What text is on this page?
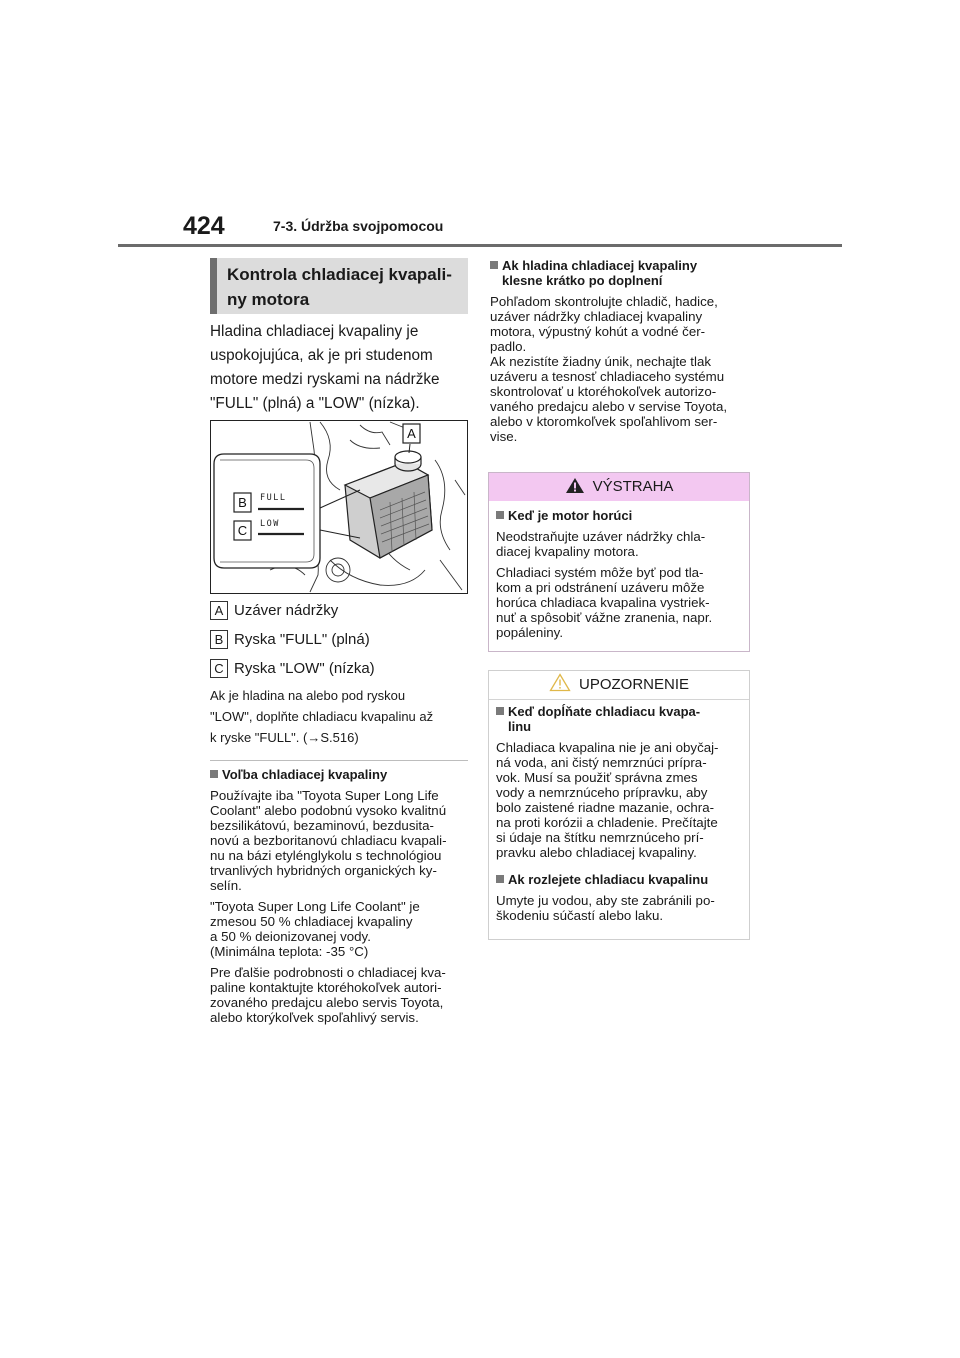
424	7-3. Údržba svojpomocou
Kontrola chladiacej kvapali-
ny motora
Hladina chladiacej kvapaliny je
uspokojujúca, ak je pri studenom
motore medzi ryskami na nádržke
"FULL" (plná) a "LOW" (nízka).
A
FULL
LOW
B
C
A Uzáver nádržky
B Ryska "FULL" (plná)
C Ryska "LOW" (nízka)
Ak je hladina na alebo pod ryskou
"LOW", doplňte chladiacu kvapalinu až
k ryske "FULL". (→S.516)
Voľba chladiacej kvapaliny
Používajte iba "Toyota Super Long Life
Coolant" alebo podobnú vysoko kvalitnú
bezsilikátovú, bezaminovú, bezdusita-
novú a bezboritanovú chladiacu kvapali-
nu na bázi etylénglykolu s technológiou
trvanlivých hybridných organických ky-
selín.
"Toyota Super Long Life Coolant" je
zmesou 50 % chladiacej kvapaliny
a 50 % deionizovanej vody.
(Minimálna teplota: -35 °C)
Pre ďalšie podrobnosti o chladiacej kva-
paline kontaktujte ktoréhokoľvek autori-
zovaného predajcu alebo servis Toyota,
alebo ktorýkoľvek spoľahlivý servis.
Ak hladina chladiacej kvapaliny
klesne krátko po doplnení
Pohľadom skontrolujte chladič, hadice,
uzáver nádržky chladiacej kvapaliny
motora, výpustný kohút a vodné čer-
padlo.
Ak nezistíte žiadny únik, nechajte tlak
uzáveru a tesnosť chladiaceho systému
skontrolovať u ktoréhokoľvek autorizo-
vaného predajcu alebo v servise Toyota,
alebo v ktoromkoľvek spoľahlivom ser-
vise.
VÝSTRAHA
Keď je motor horúci
Neodstraňujte uzáver nádržky chla-
diacej kvapaliny motora.
Chladiaci systém môže byť pod tla-
kom a pri odstránení uzáveru môže
horúca chladiaca kvapalina vystriek-
nuť a spôsobiť vážne zranenia, napr.
popáleniny.
UPOZORNENIE
Keď dopĺňate chladiacu kvapa-
linu
Chladiaca kvapalina nie je ani obyčaj-
ná voda, ani čistý nemrznúci prípra-
vok. Musí sa použiť správna zmes
vody a nemrznúceho prípravku, aby
bolo zaistené riadne mazanie, ochra-
na proti korózii a chladenie. Prečítajte
si údaje na štítku nemrznúceho prí-
pravku alebo chladiacej kvapaliny.
Ak rozlejete chladiacu kvapalinu
Umyte ju vodou, aby ste zabránili po-
škodeniu súčastí alebo laku.
